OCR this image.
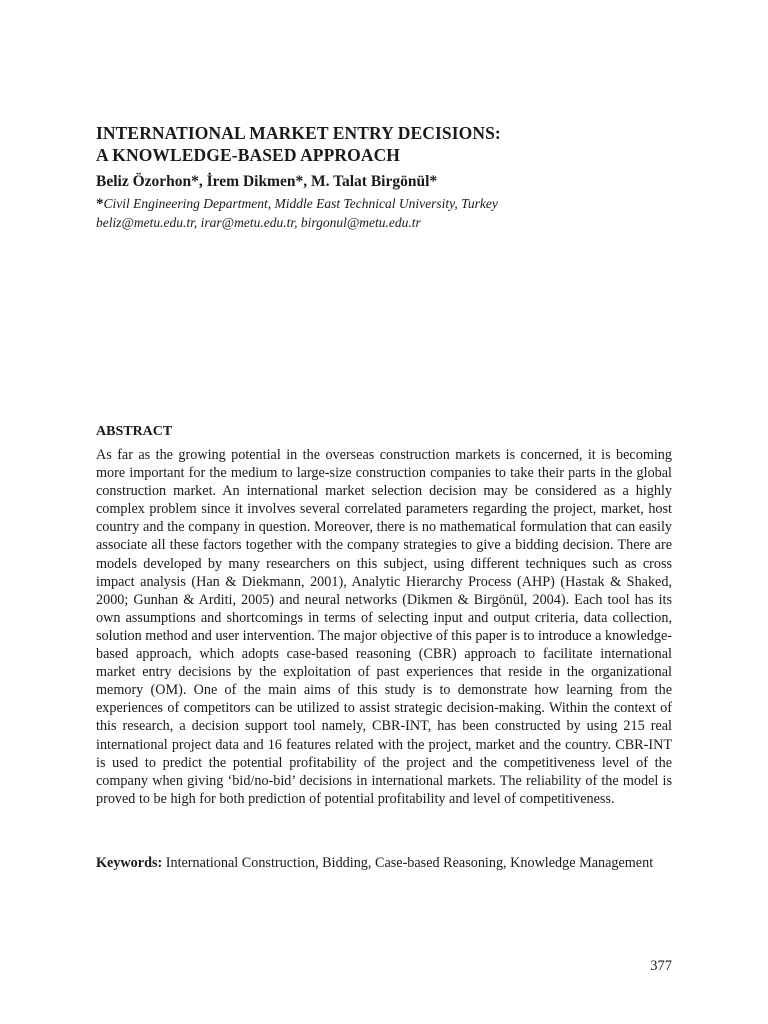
INTERNATIONAL MARKET ENTRY DECISIONS:

A KNOWLEDGE-BASED APPROACH

Beliz Özorhon*, İrem Dikmen*, M. Talat Birgönül*
*Civil Engineering Department, Middle East Technical University, Turkey
beliz@metu.edu.tr, irar@metu.edu.tr, birgonul@metu.edu.tr

ABSTRACT

As far as the growing potential in the overseas construction markets is concerned, it is becoming more important for the medium to large-size construction companies to take their parts in the global construction market. An international market selection decision may be considered as a highly complex problem since it involves several correlated parameters regarding the project, market, host country and the company in question. Moreover, there is no mathematical formulation that can easily associate all these factors together with the company strategies to give a bidding decision. There are models developed by many researchers on this subject, using different techniques such as cross impact analysis (Han & Diekmann, 2001), Analytic Hierarchy Process (AHP) (Hastak & Shaked, 2000; Gunhan & Arditi, 2005) and neural networks (Dikmen & Birgönül, 2004). Each tool has its own assumptions and shortcomings in terms of selecting input and output criteria, data collection, solution method and user intervention. The major objective of this paper is to introduce a knowledge-based approach, which adopts case-based reasoning (CBR) approach to facilitate international market entry decisions by the exploitation of past experiences that reside in the organizational memory (OM). One of the main aims of this study is to demonstrate how learning from the experiences of competitors can be utilized to assist strategic decision-making. Within the context of this research, a decision support tool namely, CBR-INT, has been constructed by using 215 real international project data and 16 features related with the project, market and the country. CBR-INT is used to predict the potential profitability of the project and the competitiveness level of the company when giving ‘bid/no-bid’ decisions in international markets. The reliability of the model is proved to be high for both prediction of potential profitability and level of competitiveness.

Keywords: International Construction, Bidding, Case-based Reasoning, Knowledge Management

377
